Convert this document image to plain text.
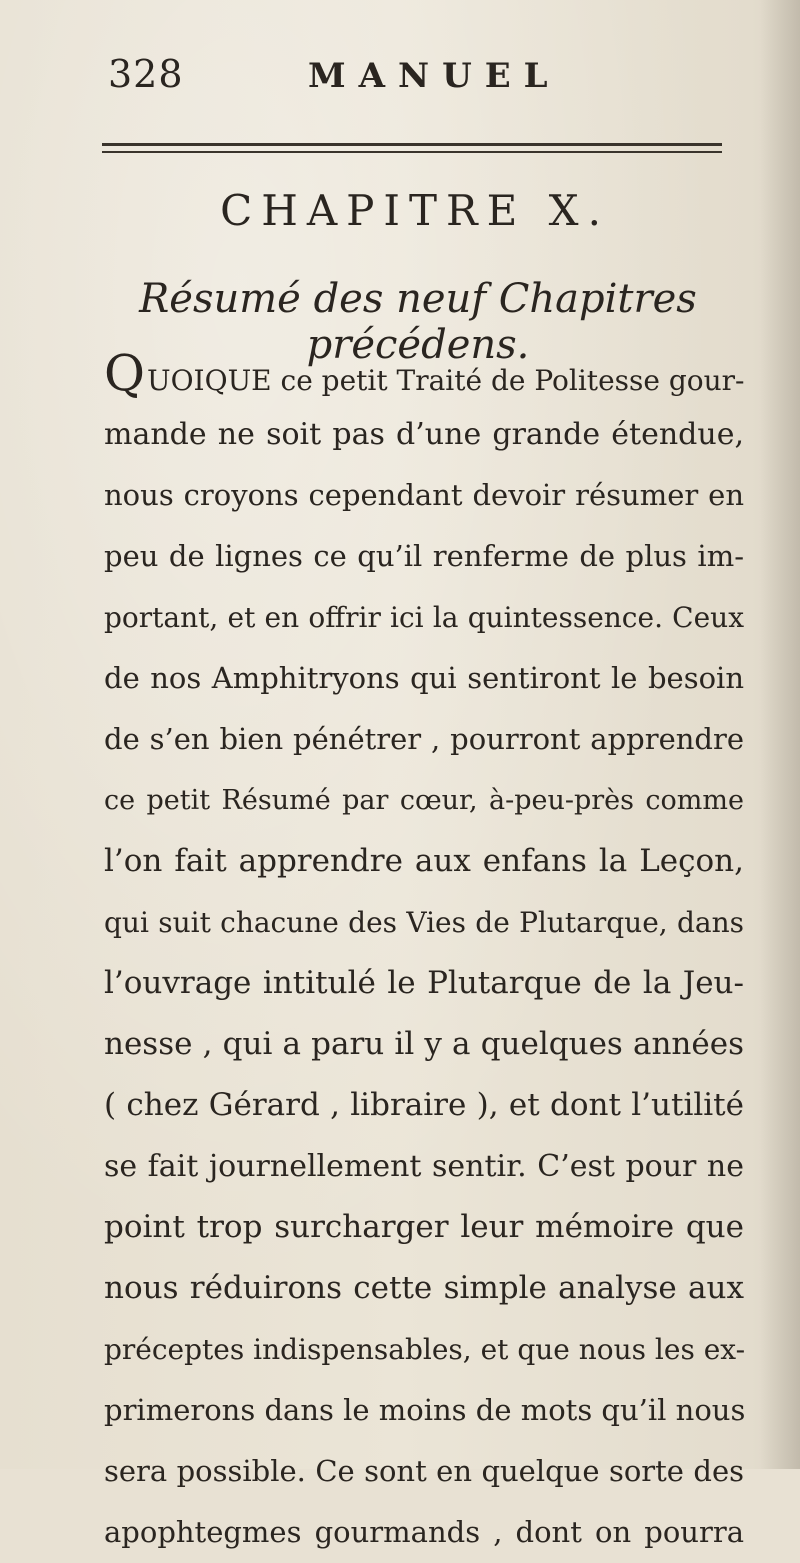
328	MANUEL
CHAPITRE X.
Résumé des neuf Chapitres précédens.
QUOIQUE ce petit Traité de Politesse gour-
mande ne soit pas d’une grande étendue,
nous croyons cependant devoir résumer en
peu de lignes ce qu’il renferme de plus im-
portant, et en offrir ici la quintessence. Ceux
de nos Amphitryons qui sentiront le besoin
de s’en bien pénétrer , pourront apprendre
ce petit Résumé par cœur, à-peu-près comme
l’on fait apprendre aux enfans la Leçon,
qui suit chacune des Vies de Plutarque, dans
l’ouvrage intitulé le Plutarque de la Jeu-
nesse , qui a paru il y a quelques années
( chez Gérard , libraire ), et dont l’utilité
se fait journellement sentir. C’est pour ne
point trop surcharger leur mémoire que
nous réduirons cette simple analyse aux
préceptes indispensables, et que nous les ex-
primerons dans le moins de mots qu’il nous
sera possible. Ce sont en quelque sorte des
apophtegmes gourmands , dont on pourra
